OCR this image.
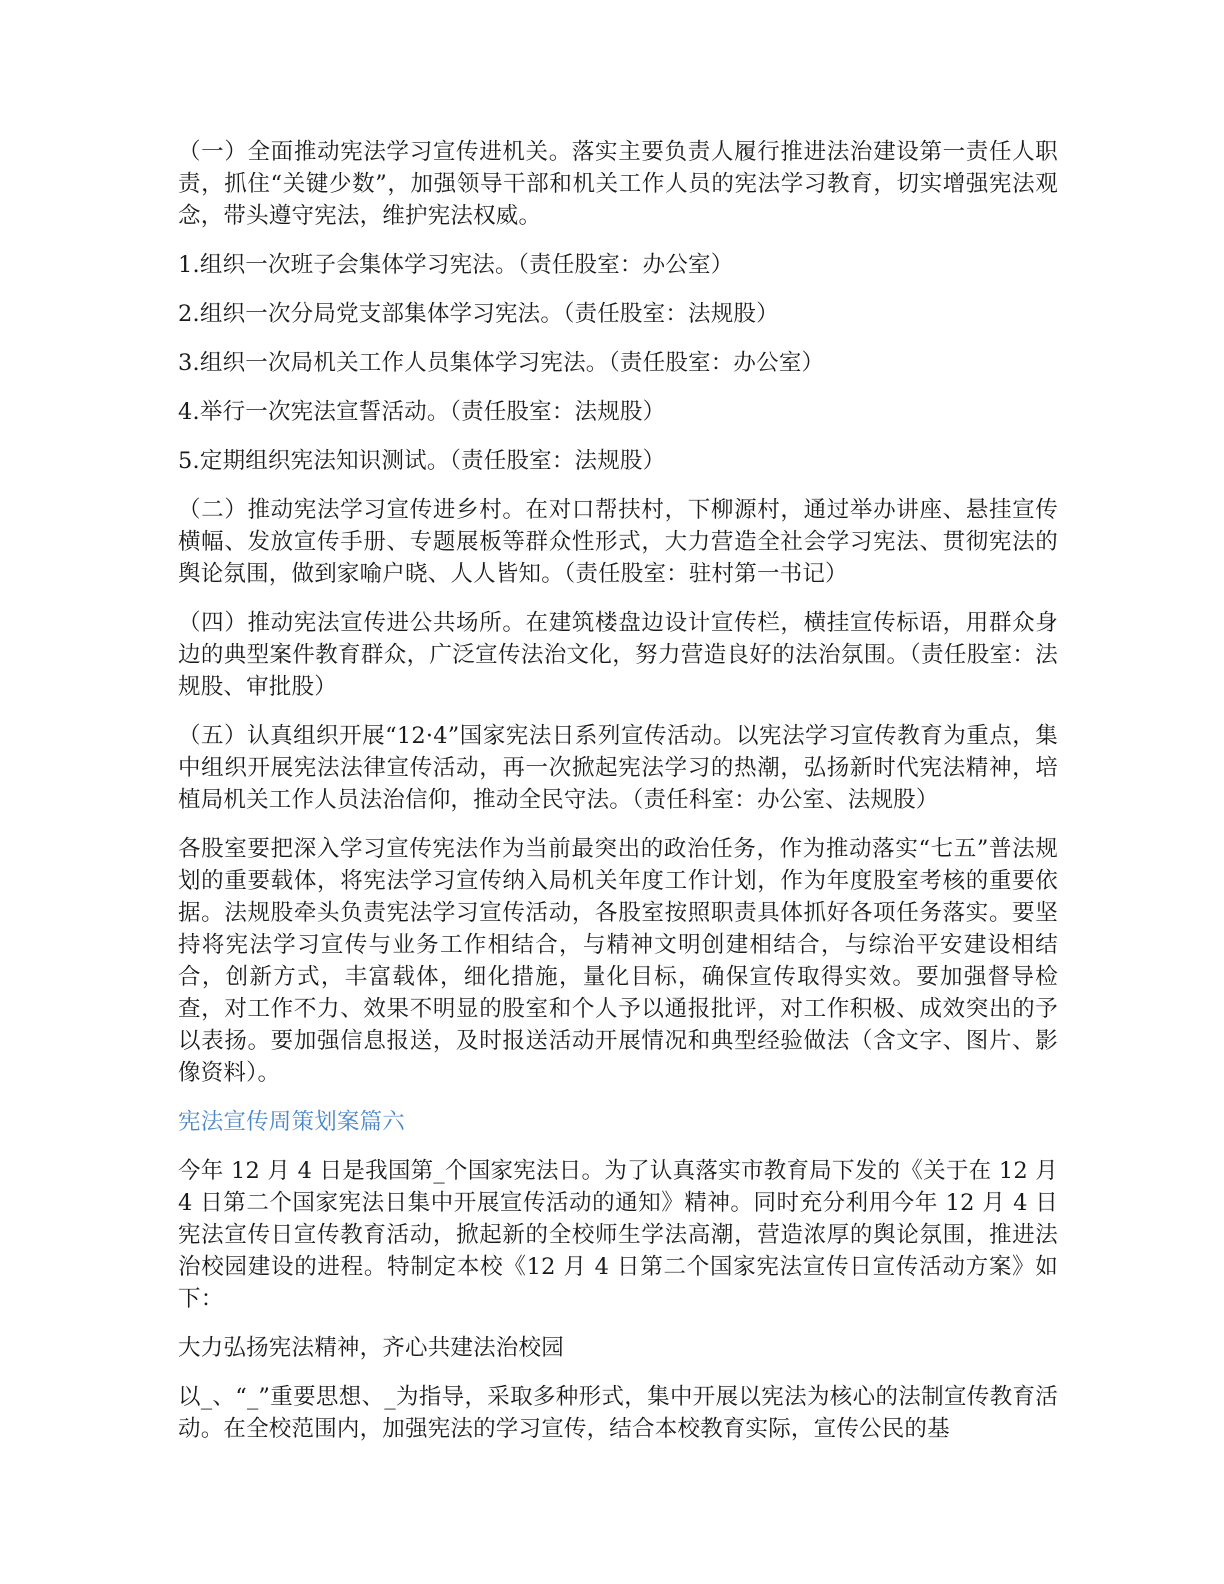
（一）全面推动宪法学习宣传进机关。落实主要负责人履行推进法治建设第一责任人职责，抓住“关键少数”，加强领导干部和机关工作人员的宪法学习教育，切实增强宪法观念，带头遵守宪法，维护宪法权威。

1.组织一次班子会集体学习宪法。（责任股室：办公室）

2.组织一次分局党支部集体学习宪法。（责任股室：法规股）

3.组织一次局机关工作人员集体学习宪法。（责任股室：办公室）

4.举行一次宪法宣誓活动。（责任股室：法规股）

5.定期组织宪法知识测试。（责任股室：法规股）

（二）推动宪法学习宣传进乡村。在对口帮扶村，下柳源村，通过举办讲座、悬挂宣传横幅、发放宣传手册、专题展板等群众性形式，大力营造全社会学习宪法、贯彻宪法的舆论氛围，做到家喻户晓、人人皆知。（责任股室：驻村第一书记）

（四）推动宪法宣传进公共场所。在建筑楼盘边设计宣传栏，横挂宣传标语，用群众身边的典型案件教育群众，广泛宣传法治文化，努力营造良好的法治氛围。（责任股室：法规股、审批股）

（五）认真组织开展“12·4”国家宪法日系列宣传活动。以宪法学习宣传教育为重点，集中组织开展宪法法律宣传活动，再一次掀起宪法学习的热潮，弘扬新时代宪法精神，培植局机关工作人员法治信仰，推动全民守法。（责任科室：办公室、法规股）

各股室要把深入学习宣传宪法作为当前最突出的政治任务，作为推动落实“七五”普法规划的重要载体，将宪法学习宣传纳入局机关年度工作计划，作为年度股室考核的重要依据。法规股牵头负责宪法学习宣传活动，各股室按照职责具体抓好各项任务落实。要坚持将宪法学习宣传与业务工作相结合，与精神文明创建相结合，与综治平安建设相结合，创新方式，丰富载体，细化措施，量化目标，确保宣传取得实效。要加强督导检查，对工作不力、效果不明显的股室和个人予以通报批评，对工作积极、成效突出的予以表扬。要加强信息报送，及时报送活动开展情况和典型经验做法（含文字、图片、影像资料）。

宪法宣传周策划案篇六

今年 12 月 4 日是我国第_个国家宪法日。为了认真落实市教育局下发的《关于在 12 月 4 日第二个国家宪法日集中开展宣传活动的通知》精神。同时充分利用今年 12 月 4 日宪法宣传日宣传教育活动，掀起新的全校师生学法高潮，营造浓厚的舆论氛围，推进法治校园建设的进程。特制定本校《12 月 4 日第二个国家宪法宣传日宣传活动方案》如下：

大力弘扬宪法精神，齐心共建法治校园

以_、“_”重要思想、_为指导，采取多种形式，集中开展以宪法为核心的法制宣传教育活动。在全校范围内，加强宪法的学习宣传，结合本校教育实际，宣传公民的基
